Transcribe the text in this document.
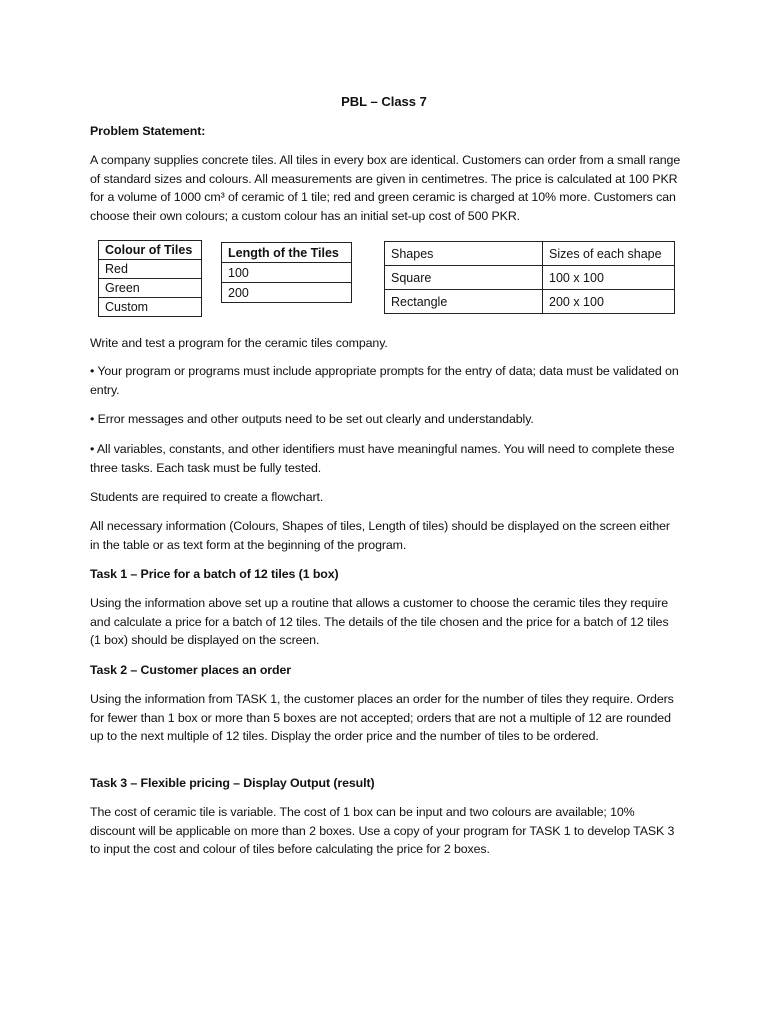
PBL – Class 7

Problem Statement:

A company supplies concrete tiles. All tiles in every box are identical. Customers can order from a small range of standard sizes and colours. All measurements are given in centimetres. The price is calculated at 100 PKR for a volume of 1000 cm³ of ceramic of 1 tile; red and green ceramic is charged at 10% more. Customers can choose their own colours; a custom colour has an initial set-up cost of 500 PKR.

Colour of Tiles
Red
Green
Custom
Length of the Tiles
100
200
Shapes	Sizes of each shape
Square	100 x 100
Rectangle	200 x 100

Write and test a program for the ceramic tiles company.

• Your program or programs must include appropriate prompts for the entry of data; data must be validated on entry.

• Error messages and other outputs need to be set out clearly and understandably.

• All variables, constants, and other identifiers must have meaningful names. You will need to complete these three tasks. Each task must be fully tested.

Students are required to create a flowchart.

All necessary information (Colours, Shapes of tiles, Length of tiles) should be displayed on the screen either in the table or as text form at the beginning of the program.

Task 1 – Price for a batch of 12 tiles (1 box)

Using the information above set up a routine that allows a customer to choose the ceramic tiles they require and calculate a price for a batch of 12 tiles. The details of the tile chosen and the price for a batch of 12 tiles (1 box) should be displayed on the screen.

Task 2 – Customer places an order

Using the information from TASK 1, the customer places an order for the number of tiles they require. Orders for fewer than 1 box or more than 5 boxes are not accepted; orders that are not a multiple of 12 are rounded up to the next multiple of 12 tiles. Display the order price and the number of tiles to be ordered.

Task 3 – Flexible pricing – Display Output (result)

The cost of ceramic tile is variable. The cost of 1 box can be input and two colours are available; 10% discount will be applicable on more than 2 boxes. Use a copy of your program for TASK 1 to develop TASK 3 to input the cost and colour of tiles before calculating the price for 2 boxes.
